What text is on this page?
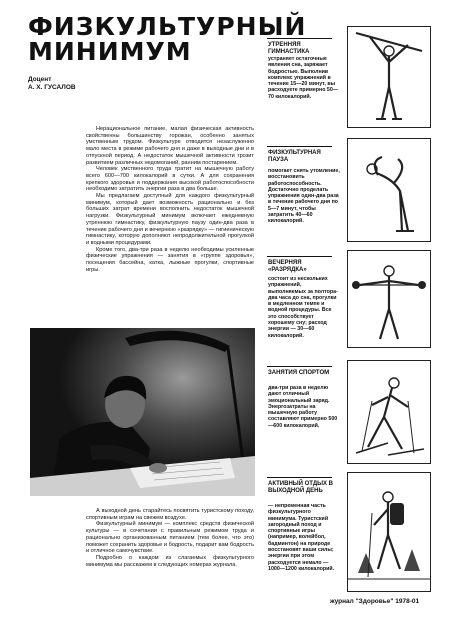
ФИЗКУЛЬТУРНЫЙ
МИНИМУМ
Доцент
А. Х. ГУСАЛОВ

Нерациональное питание, малая физическая активность свойственны большинству горожан, особенно занятых умственным трудом. Физкультуре отводится незаслуженно мало места в режиме рабочего дня и даже в выходные дни и в отпускной период. А недостаток мышечной активности грозит развитием различных недомоганий, ранним постарением.

Человек умственного труда тратит на мышечную работу всего 600—700 килокалорий в сутки. А для сохранения крепкого здоровья и поддержания высокой работоспособности необходимо затратить энергии раза в два больше.

Мы предлагаем доступный для каждого физкультурный минимум, который дает возможность рационально и без больших затрат времени восполнить недостаток мышечной нагрузки. Физкультурный минимум включает ежедневную утреннюю гимнастику, физкультурную паузу один-два раза в течение рабочего дня и вечернюю «разрядку» — гигиеническую гимнастику, которую дополняют непродолжительной прогулкой и водными процедурами.

Кроме того, два-три раза в неделю необходимы усиленные физические упражнения — занятия в «группе здоровья», посещения бассейна, катка, лыжные прогулки, спортивные игры.

А выходной день старайтесь посвятить туристскому походу, спортивным играм на свежем воздухе.

Физкультурный минимум — комплекс средств физической культуры — в сочетании с правильным режимом труда и рационально организованным питанием (тем более, что это) поможет сохранить здоровье и бодрость, подарит вам бодрость и отличное самочувствие.

Подробно о каждом из слагаемых физкультурного минимума мы расскажем в следующих номерах журнала.

УТРЕННЯЯ ГИМНАСТИКА
устраняет остаточные явления сна, заряжает бодростью. Выполнив комплекс упражнений в течение 15—20 минут, вы расходуете примерно 50—70 килокалорий.
ФИЗКУЛЬТУРНАЯ ПАУЗА
помогает снять утомление, восстановить работоспособность. Достаточно проделать упражнения один-два раза в течение рабочего дня по 5—7 минут, чтобы затратить 40—60 килокалорий.
ВЕЧЕРНЯЯ «РАЗРЯДКА»
состоит из нескольких упражнений, выполняемых за полтора-два часа до сна, прогулки в медленном темпе и водной процедуры. Все это способствует хорошему сну; расход энергии — 30—60 килокалорий.
ЗАНЯТИЯ СПОРТОМ
два-три раза в неделю дают отличный эмоциональный заряд. Энергозатраты на мышечную работу составляют примерно 500—600 килокалорий.
АКТИВНЫЙ ОТДЫХ В ВЫХОДНОЙ ДЕНЬ
— непременная часть физкультурного минимума. Туристский загородный поход и спортивные игры (например, волейбол, бадминтон) на природе восстановят ваши силы; энергии при этом расходуется немало — 1000—1200 килокалорий.
журнал "Здоровье" 1978-01
